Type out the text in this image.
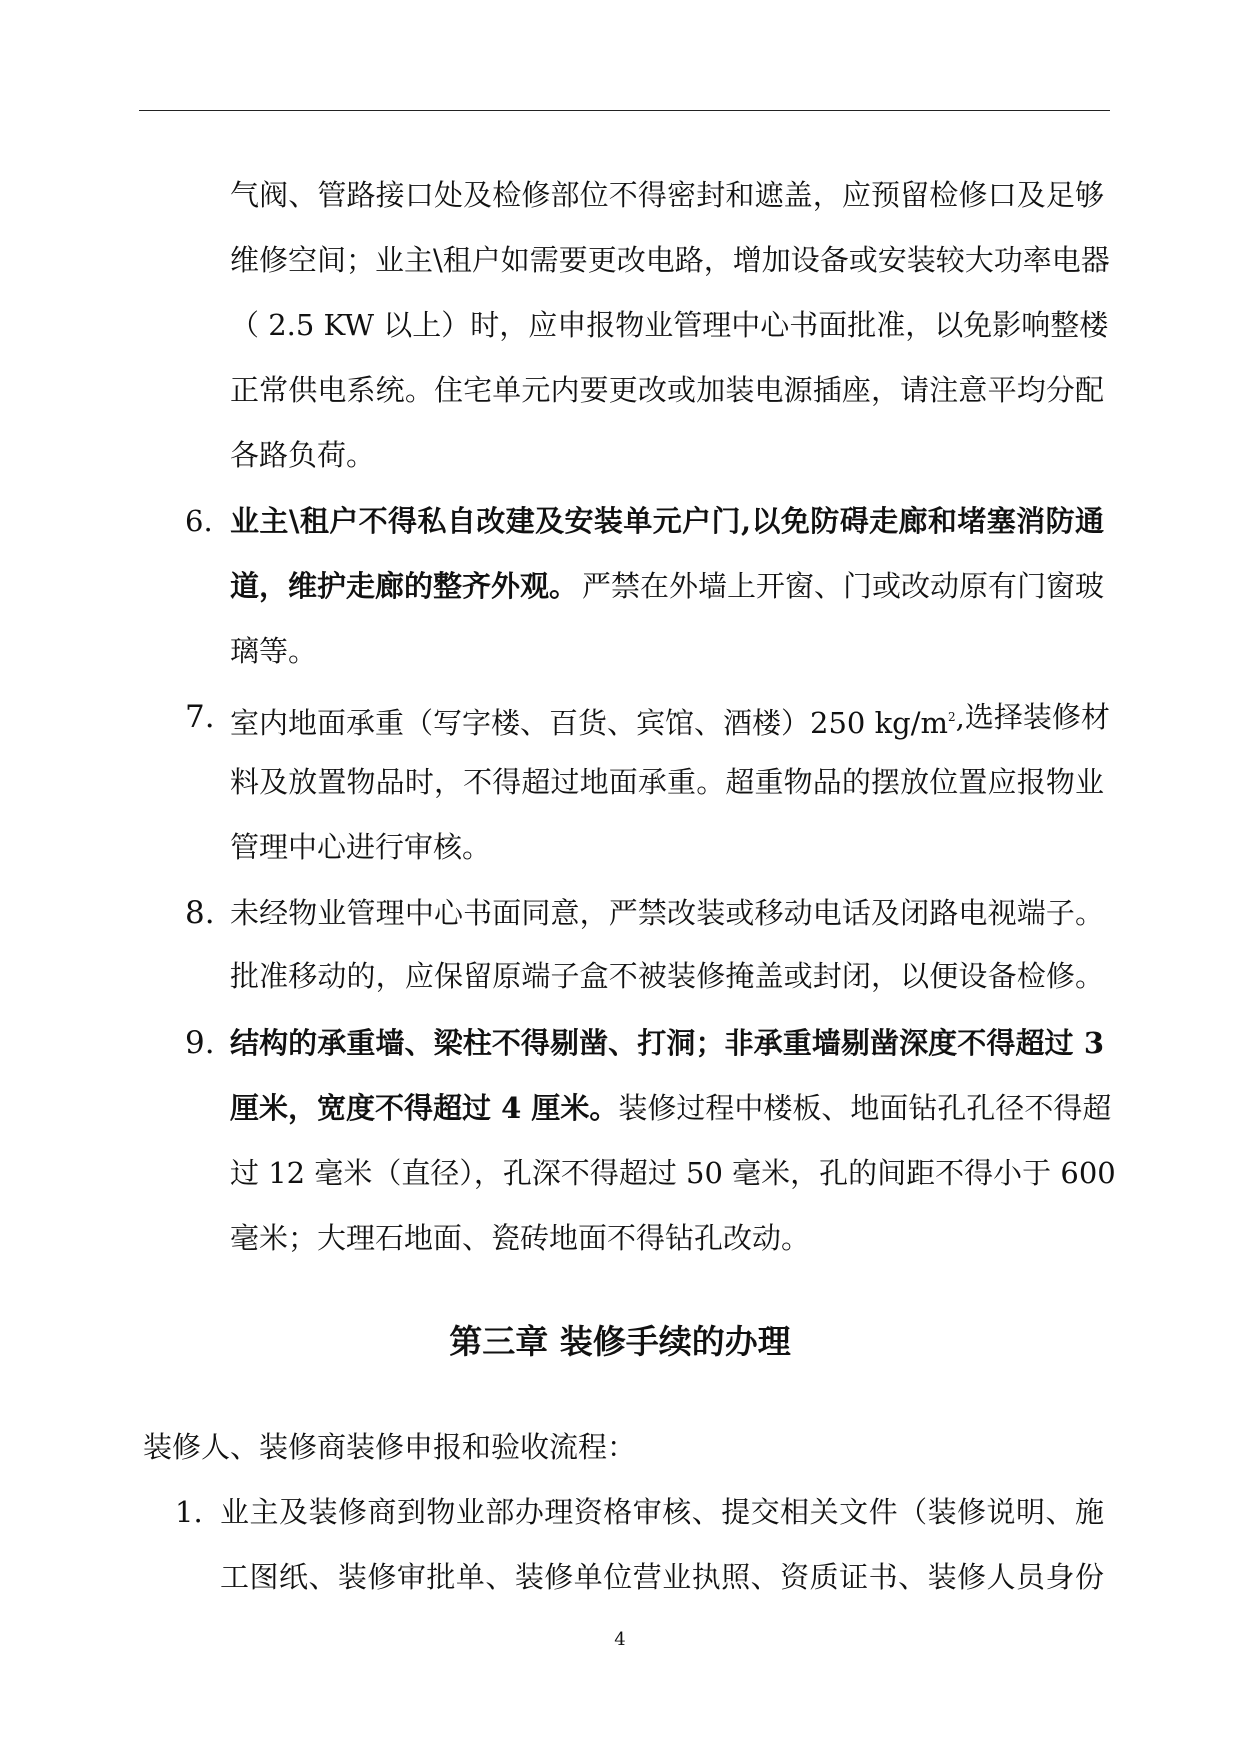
气阀、管路接口处及检修部位不得密封和遮盖，应预留检修口及足够
维修空间；业主\租户如需要更改电路，增加设备或安装较大功率电器
（ 2.5 KW 以上）时，应申报物业管理中心书面批准，以免影响整楼
正常供电系统。住宅单元内要更改或加装电源插座，请注意平均分配
各路负荷。
6. 业主\租户不得私自改建及安装单元户门,以免防碍走廊和堵塞消防通
道，维护走廊的整齐外观。 严禁在外墙上开窗、门或改动原有门窗玻
璃等。
7. 室内地面承重（写字楼、百货、宾馆、酒楼）250 $kg/m^2$ ,选择装修材
料及放置物品时，不得超过地面承重。超重物品的摆放位置应报物业
管理中心进行审核。
8. 未经物业管理中心书面同意，严禁改装或移动电话及闭路电视端子。
批准移动的，应保留原端子盒不被装修掩盖或封闭，以便设备检修。
9. 结构的承重墙、梁柱不得剔凿、打洞；非承重墙剔凿深度不得超过 3
厘米，宽度不得超过 4 厘米。 装修过程中楼板、地面钻孔孔径不得超
过 12 毫米（直径），孔深不得超过 50 毫米，孔的间距不得小于 600
毫米；大理石地面、瓷砖地面不得钻孔改动。
第三章 装修手续的办理
装修人、装修商装修申报和验收流程：
1. 业主及装修商到物业部办理资格审核、提交相关文件（装修说明、施
工图纸、装修审批单、装修单位营业执照、资质证书、装修人员身份
4
